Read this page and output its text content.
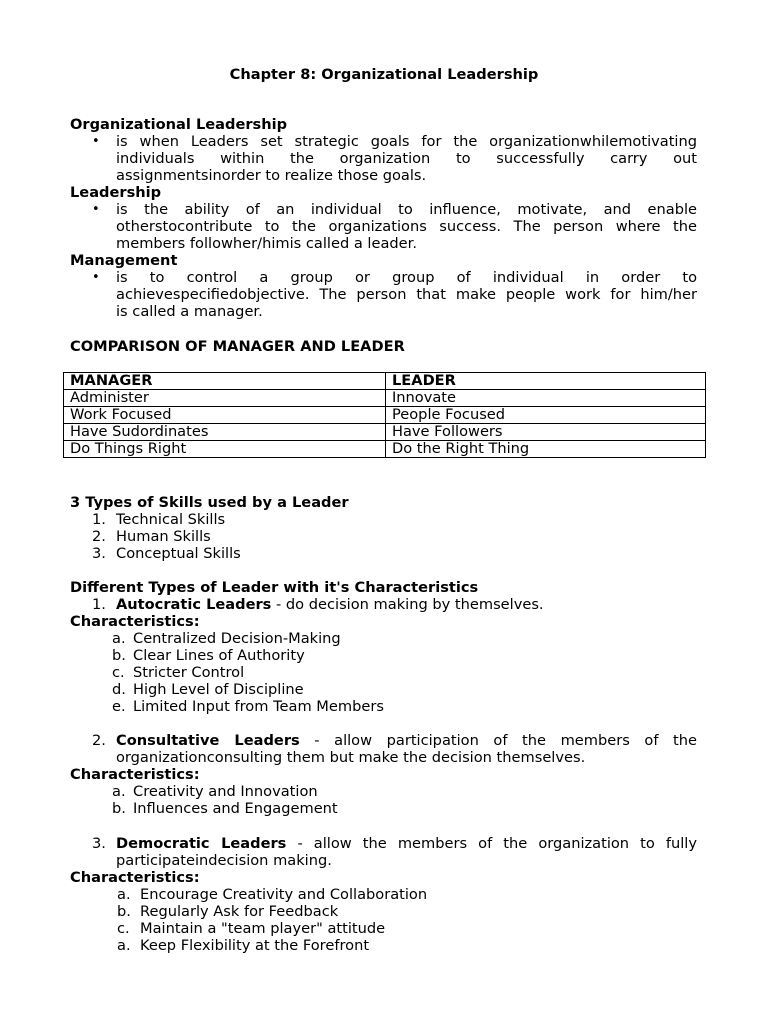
Chapter 8: Organizational Leadership
Organizational Leadership
• is when Leaders set strategic goals for the organizationwhilemotivating
individuals within the organization to successfully carry out
assignmentsinorder to realize those goals.
Leadership
• is the ability of an individual to influence, motivate, and enable
otherstocontribute to the organizations success. The person where the
members followher/himis called a leader.
Management
• is to control a group or group of individual in order to
achievespecifiedobjective. The person that make people work for him/her
is called a manager.
COMPARISON OF MANAGER AND LEADER
MANAGER	LEADER
Administer	Innovate
Work Focused	People Focused
Have Sudordinates	Have Followers
Do Things Right	Do the Right Thing
3 Types of Skills used by a Leader
1. Technical Skills
2. Human Skills
3. Conceptual Skills
Different Types of Leader with it's Characteristics
1. Autocratic Leaders - do decision making by themselves.
Characteristics:
a. Centralized Decision-Making
b. Clear Lines of Authority
c. Stricter Control
d. High Level of Discipline
e. Limited Input from Team Members
2. Consultative Leaders - allow participation of the members of the
organizationconsulting them but make the decision themselves.
Characteristics:
a. Creativity and Innovation
b. Influences and Engagement
3. Democratic Leaders - allow the members of the organization to fully
participateindecision making.
Characteristics:
a. Encourage Creativity and Collaboration
b. Regularly Ask for Feedback
c. Maintain a "team player" attitude
a. Keep Flexibility at the Forefront
